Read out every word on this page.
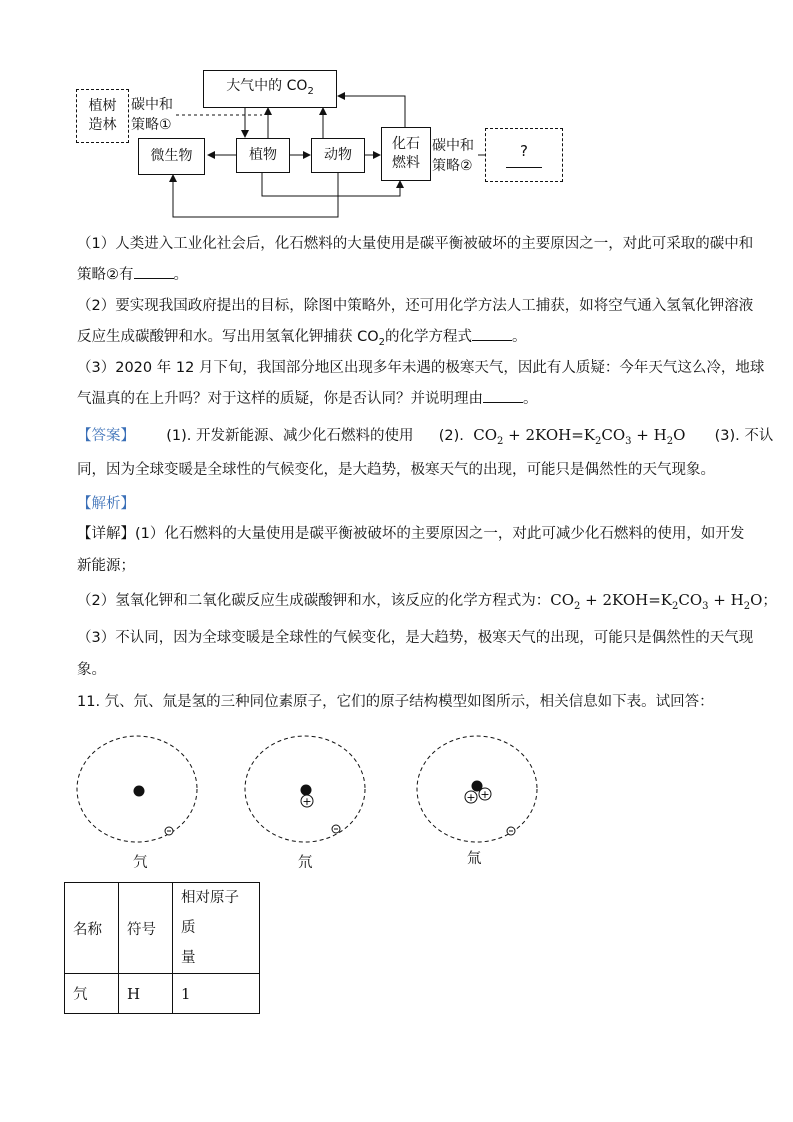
大气中的 $CO_2$
植树
造林
碳中和
策略①
微生物	植物	动物
化石
燃料
碳中和
策略②
?
（1）人类进入工业化社会后，化石燃料的大量使用是碳平衡被破坏的主要原因之一，对此可采取的碳中和
策略②有	。
（2）要实现我国政府提出的目标，除图中策略外，还可用化学方法人工捕获，如将空气通入氢氧化钾溶液
反应生成碳酸钾和水。写出用氢氧化钾捕获 $CO_2$的化学方程式	。
（3）2020 年 12 月下旬，我国部分地区出现多年未遇的极寒天气，因此有人质疑：今年天气这么冷，地球
气温真的在上升吗？对于这样的质疑，你是否认同？并说明理由	。
【答案】 (1). 开发新能源、减少化石燃料的使用 (2).  $CO_2 + 2KOH=K_2CO_3 + H_2O$ (3). 不认
同，因为全球变暖是全球性的气候变化，是大趋势，极寒天气的出现，可能只是偶然性的天气现象。
【解析】
【详解】(1）化石燃料的大量使用是碳平衡被破坏的主要原因之一，对此可减少化石燃料的使用，如开发
新能源；
（2）氢氧化钾和二氧化碳反应生成碳酸钾和水，该反应的化学方程式为：$CO_2 + 2KOH=K_2CO_3 + H_2O$；
（3）不认同，因为全球变暖是全球性的气候变化，是大趋势，极寒天气的出现，可能只是偶然性的天气现
象。
11. 氕、氘、氚是氢的三种同位素原子，它们的原子结构模型如图所示，相关信息如下表。试回答：
+	+ +
氕	氘	氚
名称	符号	相对原子质
量

氕	H	1
